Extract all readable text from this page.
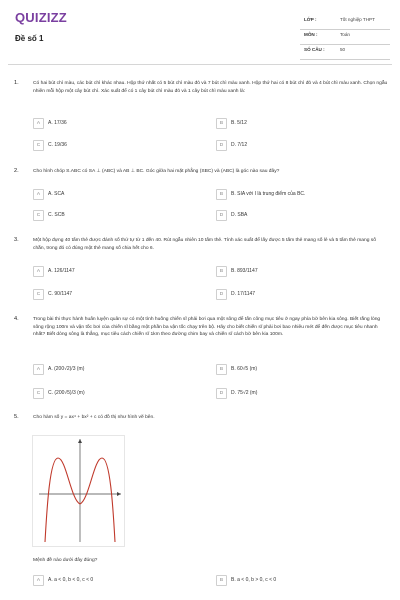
QUIZIZZ
Đề số 1
LỚP :	Tốt nghiệp THPT
MÔN :	Toán
SỐ CÂU :	50
1.	Có hai bút chì màu, các bút chì khác nhau. Hộp thứ nhất có 5 bút chì màu đỏ và 7 bút chì màu xanh. Hộp thứ hai có 8 bút chì đỏ và 4 bút chì màu xanh. Chọn ngẫu nhiên mỗi hộp một cây bút chì. Xác suất để có 1 cây bút chì màu đỏ và 1 cây bút chì màu xanh là:
A	A. 17/36	B	B. 5/12
C	C. 19/36	D	D. 7/12
2.	Cho hình chóp S.ABC có SA ⊥ (ABC) và AB ⊥ BC. Góc giữa hai mặt phẳng (SBC) và (ABC) là góc nào sau đây?
A	A. SCA	B	B. SIA với I là trung điểm của BC.
C	C. SCB	D	D. SBA
3.	Một hộp đựng 40 tấm thẻ được đánh số thứ tự từ 1 đến 40. Rút ngẫu nhiên 10 tấm thẻ. Tính xác suất để lấy được 5 tấm thẻ mang số lẻ và 5 tấm thẻ mang số chẵn, trong đó có đúng một thẻ mang số chia hết cho 6.
A	A. 126/1147	B	B. 893/1147
C	C. 90/1147	D	D. 17/1147
4.	Trong bài thi thực hành huấn luyện quân sự có một tình huống chiến sĩ phải bơi qua một sông để tấn công mục tiêu ở ngay phía bờ bên kia sông. Biết rằng lòng sông rộng 100m và vận tốc bơi của chiến sĩ bằng một phần ba vận tốc chạy trên bộ. Hãy cho biết chiến sĩ phải bơi bao nhiêu mét để đến được mục tiêu nhanh nhất? Biết dòng sông là thẳng, mục tiêu cách chiến sĩ 1km theo đường chim bay và chiến sĩ cách bờ bên kia 100m.
A	A. (200√2)/3 (m)	B	B. 60√5 (m)
C	C. (200√5)/3 (m)	D	D. 75√2 (m)
5.	Cho hàm số y = ax⁴ + bx² + c có đồ thị như hình vẽ bên.
Mệnh đề nào dưới đây đúng?
A	A. a < 0, b < 0, c < 0	B	B. a < 0, b > 0, c < 0
